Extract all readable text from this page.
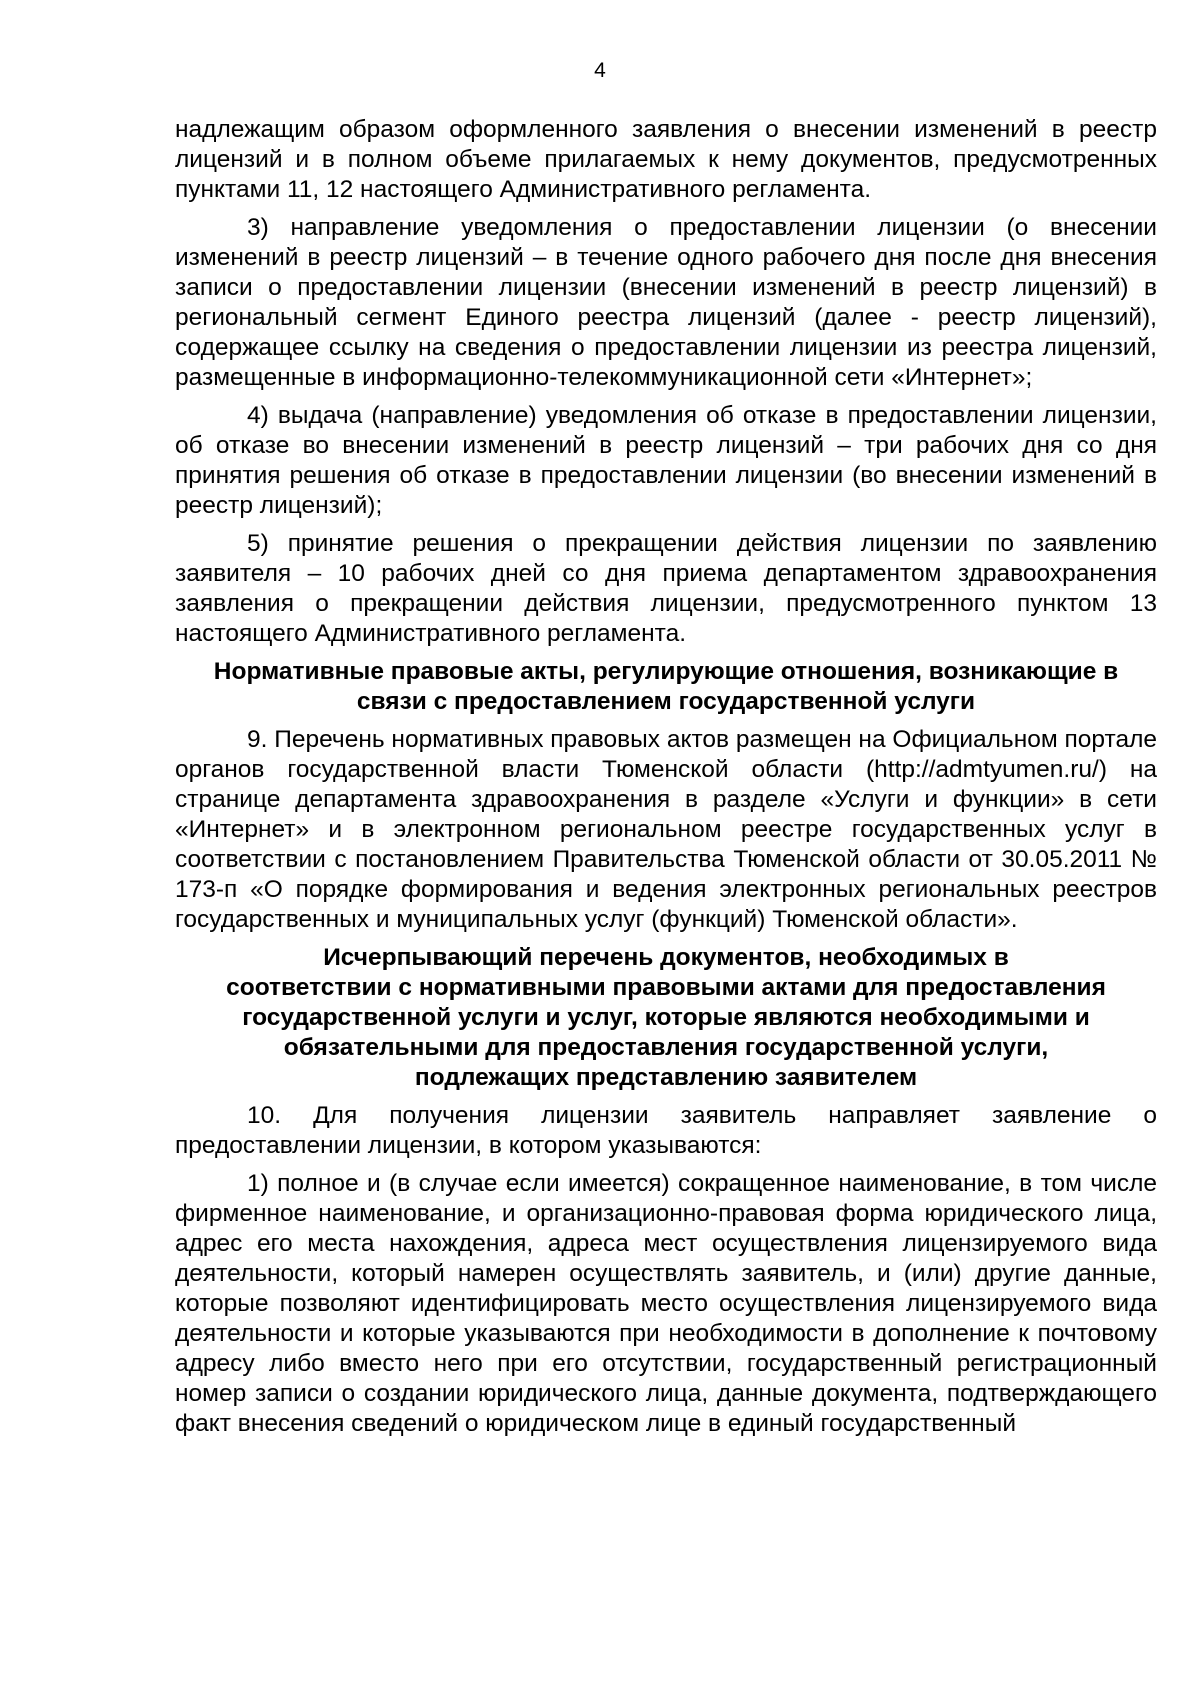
4

надлежащим образом оформленного заявления о внесении изменений в реестр лицензий и в полном объеме прилагаемых к нему документов, предусмотренных пунктами 11, 12 настоящего Административного регламента.

3) направление уведомления о предоставлении лицензии (о внесении изменений в реестр лицензий – в течение одного рабочего дня после дня внесения записи о предоставлении лицензии (внесении изменений в реестр лицензий) в региональный сегмент Единого реестра лицензий (далее - реестр лицензий), содержащее ссылку на сведения о предоставлении лицензии из реестра лицензий, размещенные в информационно-телекоммуникационной сети «Интернет»;

4) выдача (направление) уведомления об отказе в предоставлении лицензии, об отказе во внесении изменений в реестр лицензий – три рабочих дня со дня принятия решения об отказе в предоставлении лицензии (во внесении изменений в реестр лицензий);

5) принятие решения о прекращении действия лицензии по заявлению заявителя – 10 рабочих дней со дня приема департаментом здравоохранения заявления о прекращении действия лицензии, предусмотренного пунктом 13 настоящего Административного регламента.

Нормативные правовые акты, регулирующие отношения, возникающие в
связи с предоставлением государственной услуги

9. Перечень нормативных правовых актов размещен на Официальном портале органов государственной власти Тюменской области (http://admtyumen.ru/) на странице департамента здравоохранения в разделе «Услуги и функции» в сети «Интернет» и в электронном региональном реестре государственных услуг в соответствии с постановлением Правительства Тюменской области от 30.05.2011 № 173-п «О порядке формирования и ведения электронных региональных реестров государственных и муниципальных услуг (функций) Тюменской области».

Исчерпывающий перечень документов, необходимых в
соответствии с нормативными правовыми актами для предоставления
государственной услуги и услуг, которые являются необходимыми и
обязательными для предоставления государственной услуги,
подлежащих представлению заявителем

10. Для получения лицензии заявитель направляет заявление о предоставлении лицензии, в котором указываются:

1) полное и (в случае если имеется) сокращенное наименование, в том числе фирменное наименование, и организационно-правовая форма юридического лица, адрес его места нахождения, адреса мест осуществления лицензируемого вида деятельности, который намерен осуществлять заявитель, и (или) другие данные, которые позволяют идентифицировать место осуществления лицензируемого вида деятельности и которые указываются при необходимости в дополнение к почтовому адресу либо вместо него при его отсутствии, государственный регистрационный номер записи о создании юридического лица, данные документа, подтверждающего факт внесения сведений о юридическом лице в единый государственный
